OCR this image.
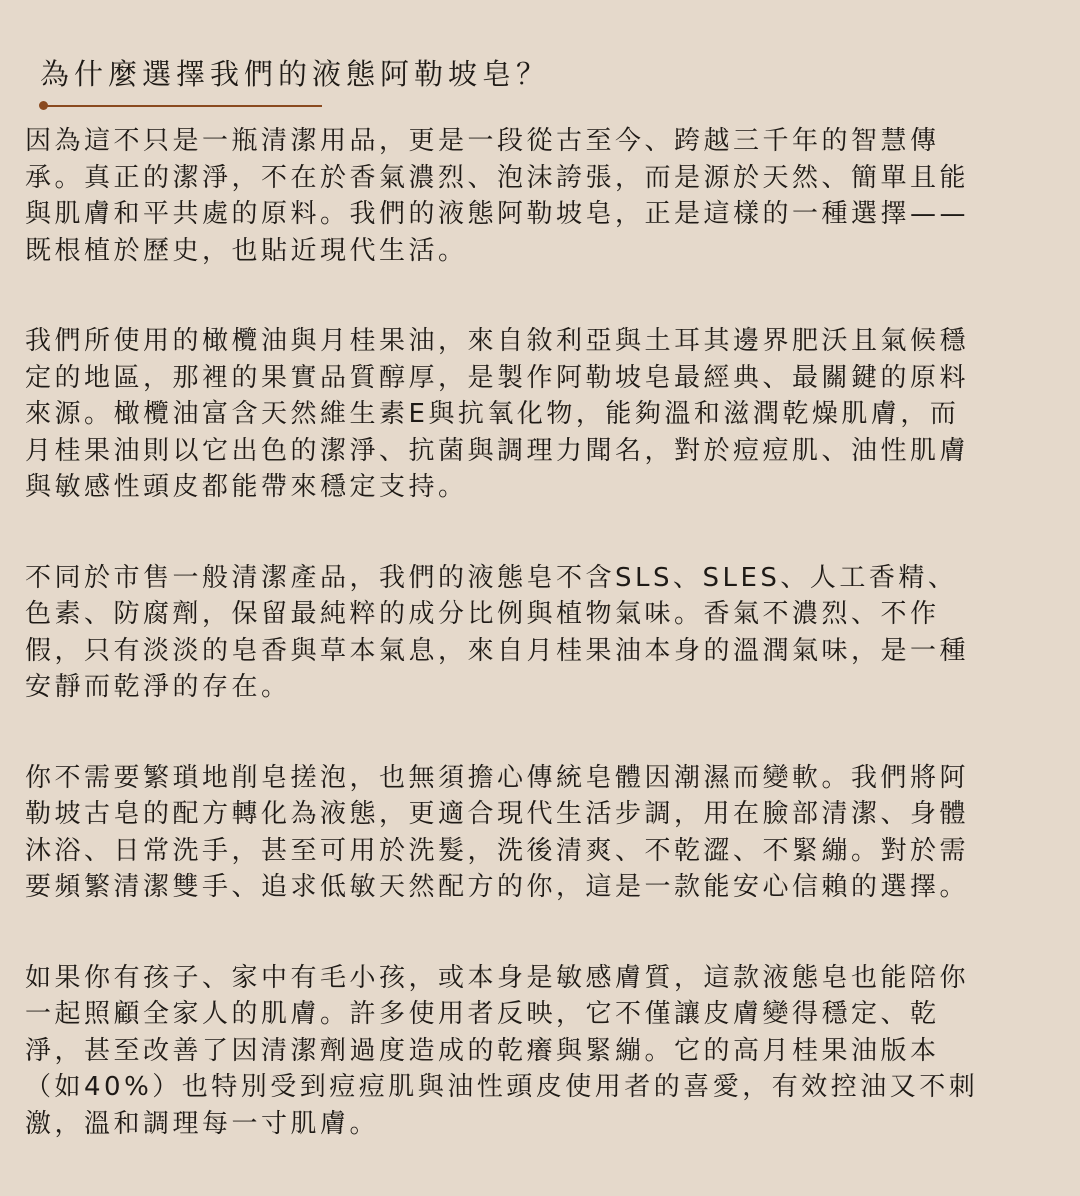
為什麼選擇我們的液態阿勒坡皂？

因為這不只是一瓶清潔用品，更是一段從古至今、跨越三千年的智慧傳
承。真正的潔淨，不在於香氣濃烈、泡沫誇張，而是源於天然、簡單且能
與肌膚和平共處的原料。我們的液態阿勒坡皂，正是這樣的一種選擇——
既根植於歷史，也貼近現代生活。

我們所使用的橄欖油與月桂果油，來自敘利亞與土耳其邊界肥沃且氣候穩
定的地區，那裡的果實品質醇厚，是製作阿勒坡皂最經典、最關鍵的原料
來源。橄欖油富含天然維生素E與抗氧化物，能夠溫和滋潤乾燥肌膚，而
月桂果油則以它出色的潔淨、抗菌與調理力聞名，對於痘痘肌、油性肌膚
與敏感性頭皮都能帶來穩定支持。

不同於市售一般清潔產品，我們的液態皂不含SLS、SLES、人工香精、
色素、防腐劑，保留最純粹的成分比例與植物氣味。香氣不濃烈、不作
假，只有淡淡的皂香與草本氣息，來自月桂果油本身的溫潤氣味，是一種
安靜而乾淨的存在。

你不需要繁瑣地削皂搓泡，也無須擔心傳統皂體因潮濕而變軟。我們將阿
勒坡古皂的配方轉化為液態，更適合現代生活步調，用在臉部清潔、身體
沐浴、日常洗手，甚至可用於洗髮，洗後清爽、不乾澀、不緊繃。對於需
要頻繁清潔雙手、追求低敏天然配方的你，這是一款能安心信賴的選擇。

如果你有孩子、家中有毛小孩，或本身是敏感膚質，這款液態皂也能陪你
一起照顧全家人的肌膚。許多使用者反映，它不僅讓皮膚變得穩定、乾
淨，甚至改善了因清潔劑過度造成的乾癢與緊繃。它的高月桂果油版本
（如40%）也特別受到痘痘肌與油性頭皮使用者的喜愛，有效控油又不刺
激，溫和調理每一寸肌膚。
